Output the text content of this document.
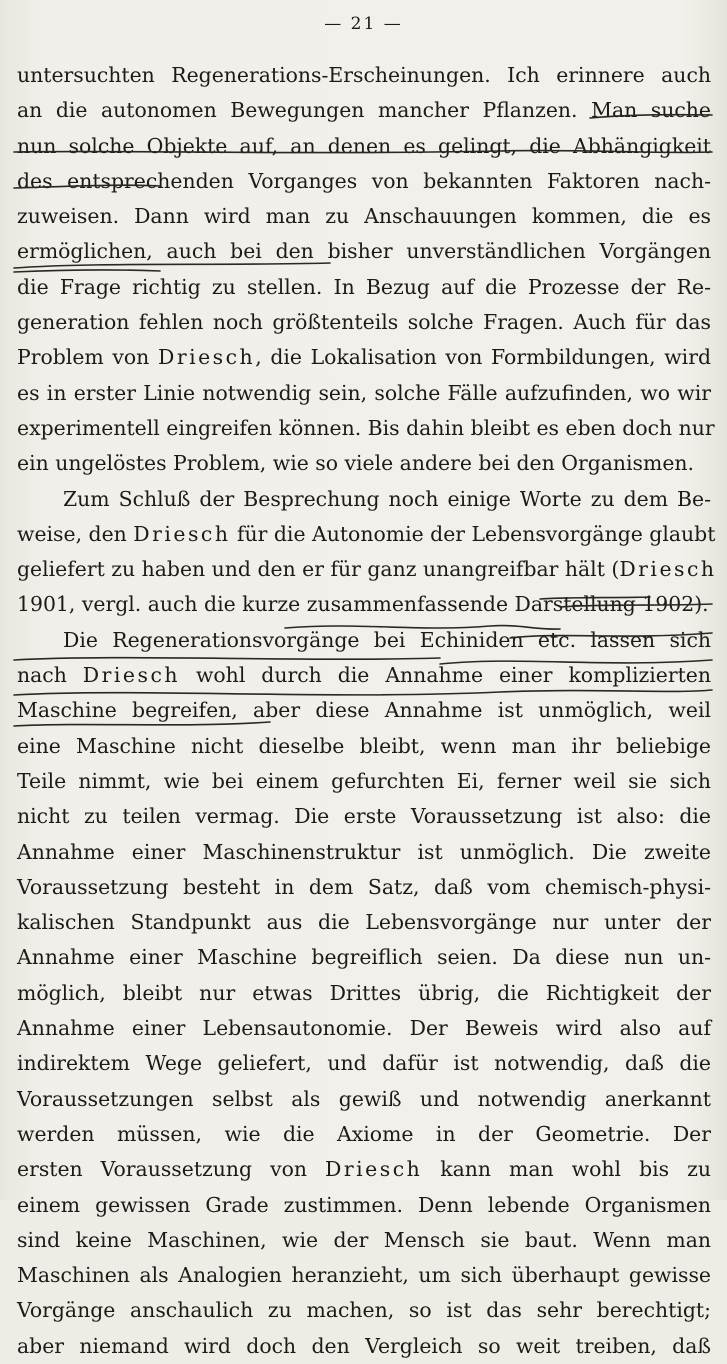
— 21 —
untersuchten Regenerations-Erscheinungen. Ich erinnere auch
an die autonomen Bewegungen mancher Pflanzen. Man suche
nun solche Objekte auf, an denen es gelingt, die Abhängigkeit
des entsprechenden Vorganges von bekannten Faktoren nach-
zuweisen. Dann wird man zu Anschauungen kommen, die es
ermöglichen, auch bei den bisher unverständlichen Vorgängen
die Frage richtig zu stellen. In Bezug auf die Prozesse der Re-
generation fehlen noch größtenteils solche Fragen. Auch für das
Problem von Driesch, die Lokalisation von Formbildungen, wird
es in erster Linie notwendig sein, solche Fälle aufzufinden, wo wir
experimentell eingreifen können. Bis dahin bleibt es eben doch nur
ein ungelöstes Problem, wie so viele andere bei den Organismen.
Zum Schluß der Besprechung noch einige Worte zu dem Be-
weise, den Driesch für die Autonomie der Lebensvorgänge glaubt
geliefert zu haben und den er für ganz unangreifbar hält (Driesch
1901, vergl. auch die kurze zusammenfassende Darstellung 1902).
Die Regenerationsvorgänge bei Echiniden etc. lassen sich
nach Driesch wohl durch die Annahme einer komplizierten
Maschine begreifen, aber diese Annahme ist unmöglich, weil
eine Maschine nicht dieselbe bleibt, wenn man ihr beliebige
Teile nimmt, wie bei einem gefurchten Ei, ferner weil sie sich
nicht zu teilen vermag. Die erste Voraussetzung ist also: die
Annahme einer Maschinenstruktur ist unmöglich. Die zweite
Voraussetzung besteht in dem Satz, daß vom chemisch-physi-
kalischen Standpunkt aus die Lebensvorgänge nur unter der
Annahme einer Maschine begreiflich seien. Da diese nun un-
möglich, bleibt nur etwas Drittes übrig, die Richtigkeit der
Annahme einer Lebensautonomie. Der Beweis wird also auf
indirektem Wege geliefert, und dafür ist notwendig, daß die
Voraussetzungen selbst als gewiß und notwendig anerkannt
werden müssen, wie die Axiome in der Geometrie. Der
ersten Voraussetzung von Driesch kann man wohl bis zu
einem gewissen Grade zustimmen. Denn lebende Organismen
sind keine Maschinen, wie der Mensch sie baut. Wenn man
Maschinen als Analogien heranzieht, um sich überhaupt gewisse
Vorgänge anschaulich zu machen, so ist das sehr berechtigt;
aber niemand wird doch den Vergleich so weit treiben, daß
